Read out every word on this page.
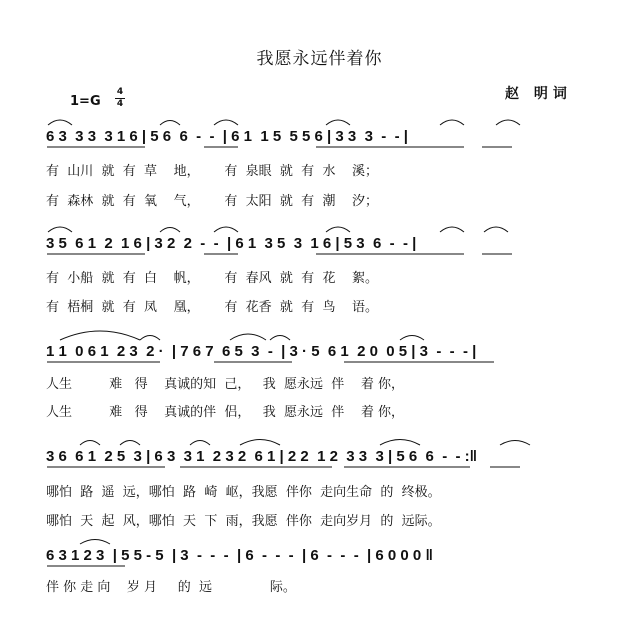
我愿永远伴着你
赵 明词
1=G
4
4
6 3  3 3  3 1 6 | 5 6  6  -  -  | 6 1  1 5  5 5 6 | 3 3  3  -  - |
有  山川  就  有  草    地，      有  泉眼  就  有  水    溪；
有  森林  就  有  氧    气，      有  太阳  就  有  潮    汐；
3 5  6 1  2  1 6 | 3 2  2  -  -  | 6 1  3 5  3  1 6 | 5 3  6  -  - |
有  小船  就  有  白    帆，      有  春风  就  有  花    絮。
有  梧桐  就  有  凤    凰，      有  花香  就  有  鸟    语。
1 1  0 6 1  2 3  2 ·  | 7 6 7  6 5  3  -  | 3 · 5  6 1  2 0  0 5 | 3  -  -  - |
人生         难   得    真诚的知  己，   我  愿永远  伴    着 你，
人生         难   得    真诚的伴  侣，   我  愿永远  伴    着 你，
3 6  6 1  2 5  3 | 6 3  3 1  2 3 2  6 1 | 2 2  1 2  3 3  3 | 5 6  6  -  - :‖
哪怕  路  遥  远，哪怕  路  崎  岖，我愿  伴你  走向生命  的  终极。
哪怕  天  起  风，哪怕  天  下  雨，我愿  伴你  走向岁月  的  远际。
6 3 1 2 3  | 5 5 - 5  | 3  -  -  -  | 6  -  -  -  | 6  -  -  -  | 6 0 0 0 ‖
伴 你 走 向    岁 月     的  远              际。
